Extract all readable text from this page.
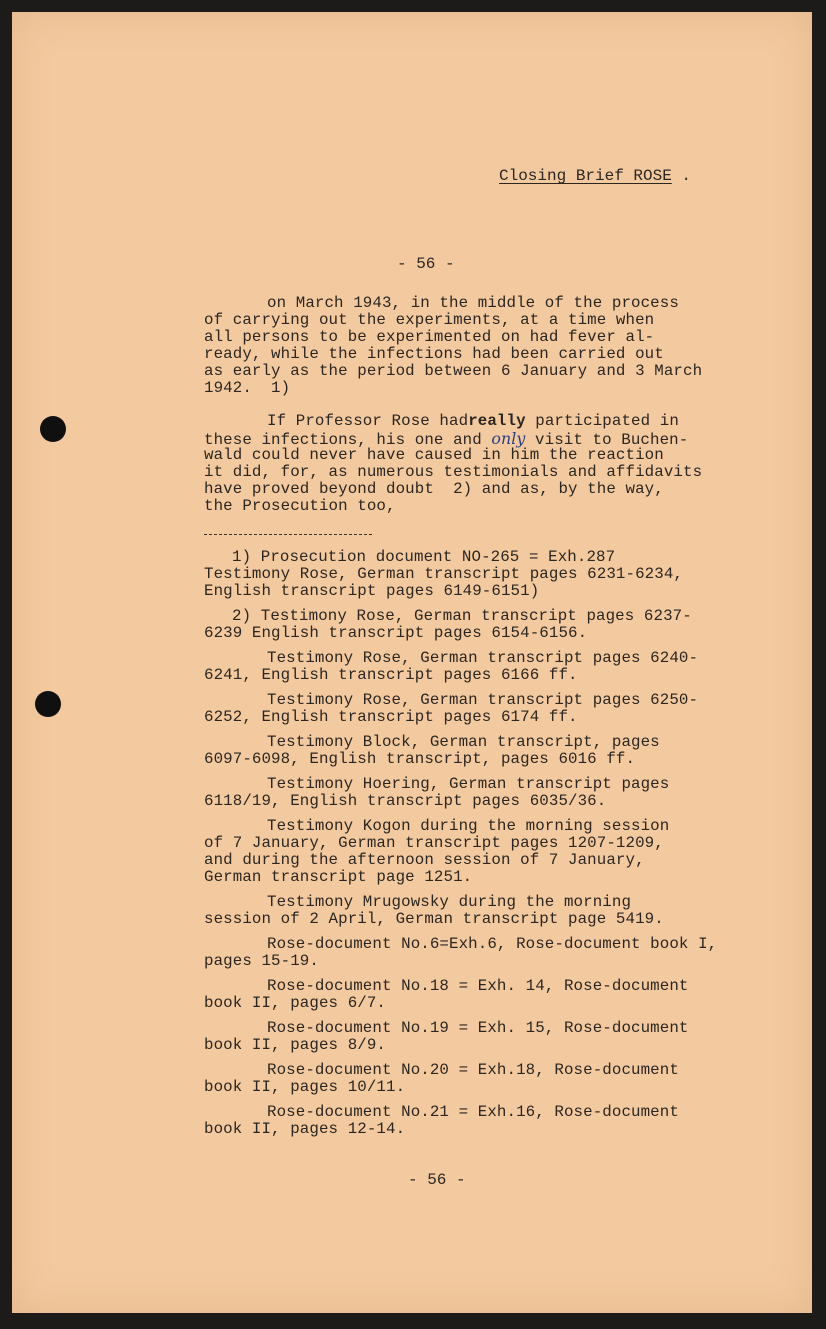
Closing Brief ROSE .
- 56 -
on March 1943, in the middle of the process
of carrying out the experiments, at a time when
all persons to be experimented on had fever al-
ready, while the infections had been carried out
as early as the period between 6 January and 3 March
1942.  1)
If Professor Rose hadreally participated in
these infections, his one and only visit to Buchen-
wald could never have caused in him the reaction
it did, for, as numerous testimonials and affidavits
have proved beyond doubt  2) and as, by the way,
the Prosecution too,
1) Prosecution document NO-265 = Exh.287
Testimony Rose, German transcript pages 6231-6234,
English transcript pages 6149-6151)
2) Testimony Rose, German transcript pages 6237-
6239 English transcript pages 6154-6156.
Testimony Rose, German transcript pages 6240-
6241, English transcript pages 6166 ff.
Testimony Rose, German transcript pages 6250-
6252, English transcript pages 6174 ff.
Testimony Block, German transcript, pages
6097-6098, English transcript, pages 6016 ff.
Testimony Hoering, German transcript pages
6118/19, English transcript pages 6035/36.
Testimony Kogon during the morning session
of 7 January, German transcript pages 1207-1209,
and during the afternoon session of 7 January,
German transcript page 1251.
Testimony Mrugowsky during the morning
session of 2 April, German transcript page 5419.
Rose-document No.6=Exh.6, Rose-document book I,
pages 15-19.
Rose-document No.18 = Exh. 14, Rose-document
book II, pages 6/7.
Rose-document No.19 = Exh. 15, Rose-document
book II, pages 8/9.
Rose-document No.20 = Exh.18, Rose-document
book II, pages 10/11.
Rose-document No.21 = Exh.16, Rose-document
book II, pages 12-14.
- 56 -
